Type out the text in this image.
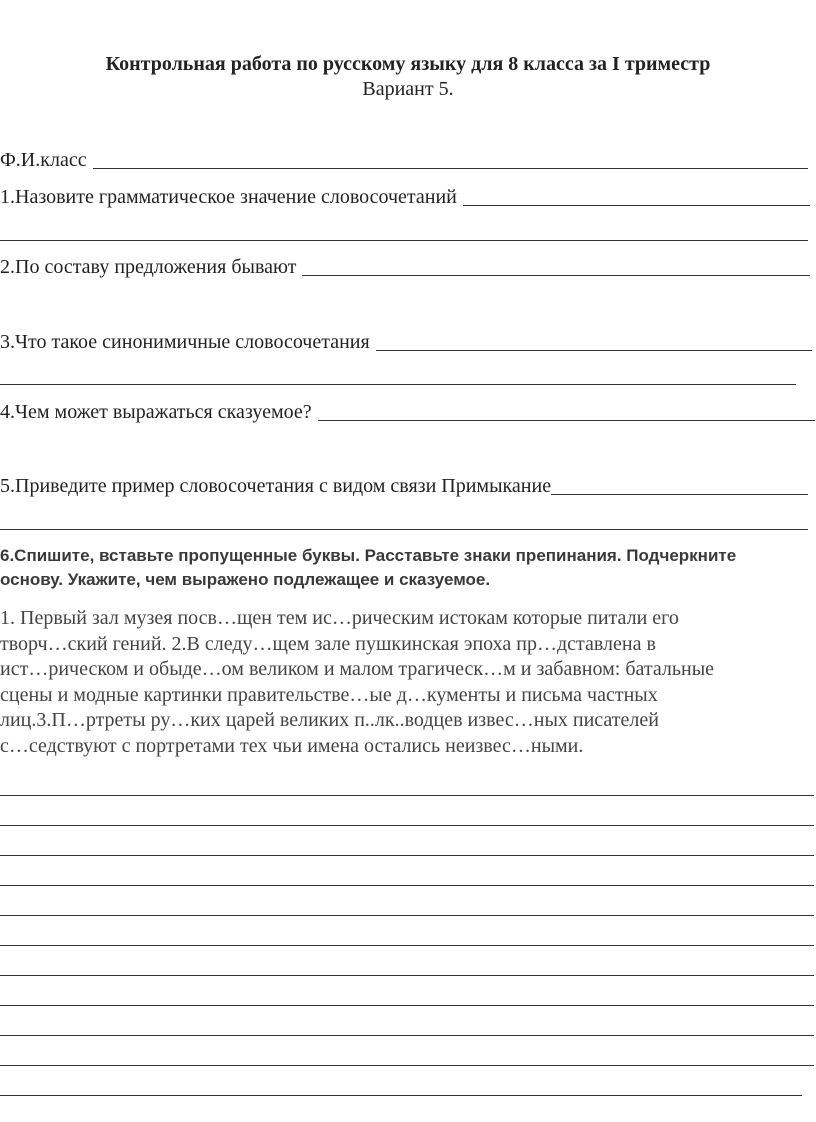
Контрольная работа по русскому языку для 8 класса за I триместр
Вариант 5.
Ф.И.класс
1.Назовите грамматическое значение словосочетаний
2.По составу предложения бывают
3.Что такое синонимичные словосочетания
4.Чем может выражаться сказуемое?
5.Приведите пример словосочетания с видом связи Примыкание
6.Спишите, вставьте пропущенные буквы. Расставьте знаки препинания. Подчеркните
основу. Укажите, чем выражено подлежащее и сказуемое.
1. Первый зал музея посв…щен тем ис…рическим истокам которые питали его
творч…ский гений. 2.В следу…щем зале пушкинская эпоха пр…дставлена в
ист…рическом и обыде…ом великом и малом трагическ…м и забавном: батальные
сцены и модные картинки правительстве…ые д…кументы и письма частных
лиц.3.П…ртреты ру…ких царей великих п..лк..водцев извес…ных писателей
с…седствуют с портретами тех чьи имена остались неизвес…ными.
